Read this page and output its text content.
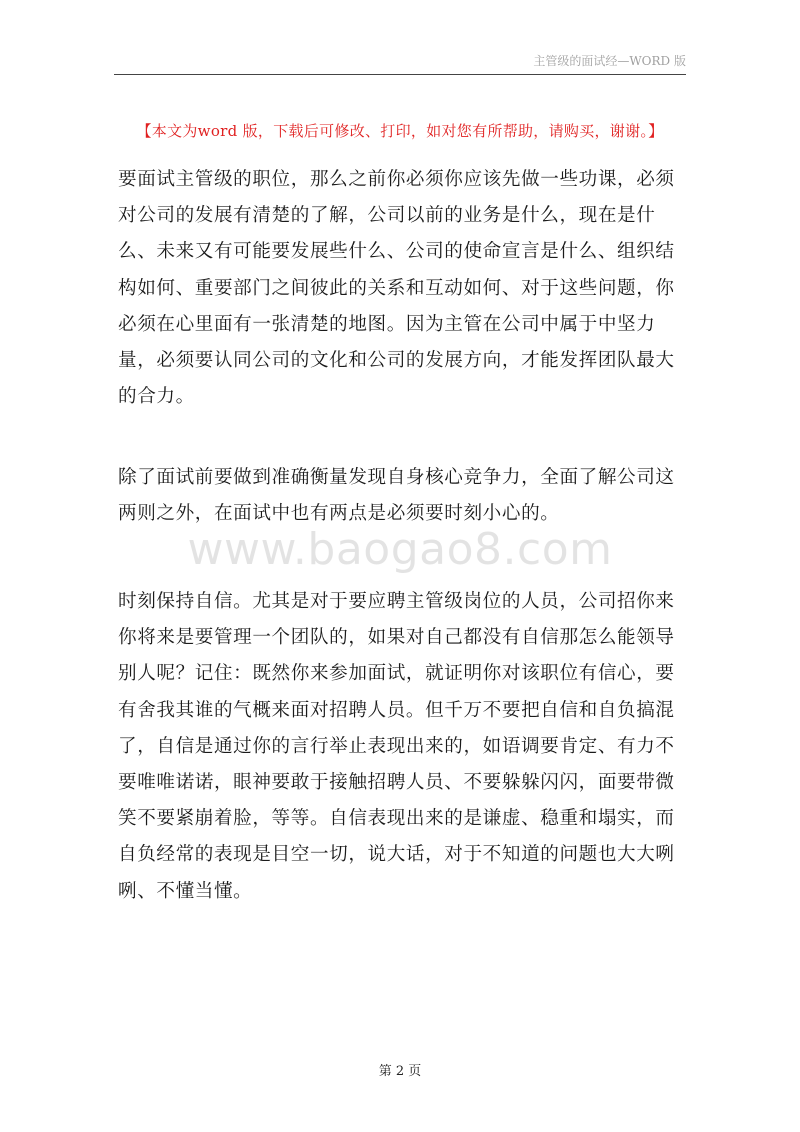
主管级的面试经—WORD 版
【本文为word 版，下载后可修改、打印，如对您有所帮助，请购买，谢谢。】

要面试主管级的职位，那么之前你必须你应该先做一些功课，必须对公司的发展有清楚的了解，公司以前的业务是什么，现在是什么、未来又有可能要发展些什么、公司的使命宣言是什么、组织结构如何、重要部门之间彼此的关系和互动如何、对于这些问题，你必须在心里面有一张清楚的地图。因为主管在公司中属于中坚力量，必须要认同公司的文化和公司的发展方向，才能发挥团队最大的合力。

除了面试前要做到准确衡量发现自身核心竞争力，全面了解公司这两则之外，在面试中也有两点是必须要时刻小心的。

www.baogao8.com

时刻保持自信。尤其是对于要应聘主管级岗位的人员，公司招你来你将来是要管理一个团队的，如果对自己都没有自信那怎么能领导别人呢？记住：既然你来参加面试，就证明你对该职位有信心，要有舍我其谁的气概来面对招聘人员。但千万不要把自信和自负搞混了，自信是通过你的言行举止表现出来的，如语调要肯定、有力不要唯唯诺诺，眼神要敢于接触招聘人员、不要躲躲闪闪，面要带微笑不要紧崩着脸，等等。自信表现出来的是谦虚、稳重和塌实，而自负经常的表现是目空一切，说大话，对于不知道的问题也大大咧咧、不懂当懂。

第 2 页
